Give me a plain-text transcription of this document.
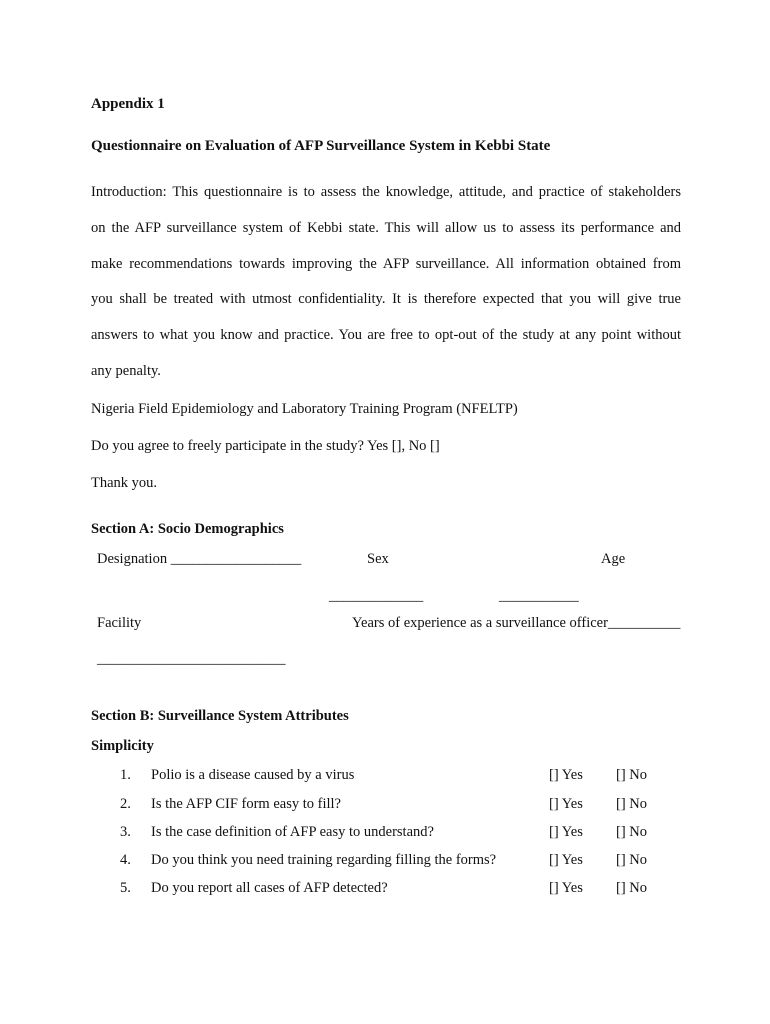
Appendix 1
Questionnaire on Evaluation of AFP Surveillance System in Kebbi State

Introduction: This questionnaire is to assess the knowledge, attitude, and practice of stakeholders
on the AFP surveillance system of Kebbi state. This will allow us to assess its performance and
make recommendations towards improving the AFP surveillance. All information obtained from
you shall be treated with utmost confidentiality. It is therefore expected that you will give true
answers to what you know and practice. You are free to opt-out of the study at any point without
any penalty.

Nigeria Field Epidemiology and Laboratory Training Program (NFELTP)
Do you agree to freely participate in the study? Yes [], No []
Thank you.
Section A: Socio Demographics
Designation __________________	Sex	Age
_____________	___________
Facility	Years of experience as a surveillance officer__________
__________________________
Section B: Surveillance System Attributes
Simplicity
1. Polio is a disease caused by a virus	[] Yes [] No
2. Is the AFP CIF form easy to fill?	[] Yes [] No
3. Is the case definition of AFP easy to understand?	[] Yes [] No
4. Do you think you need training regarding filling the forms?	[] Yes [] No
5. Do you report all cases of AFP detected?	[] Yes [] No
